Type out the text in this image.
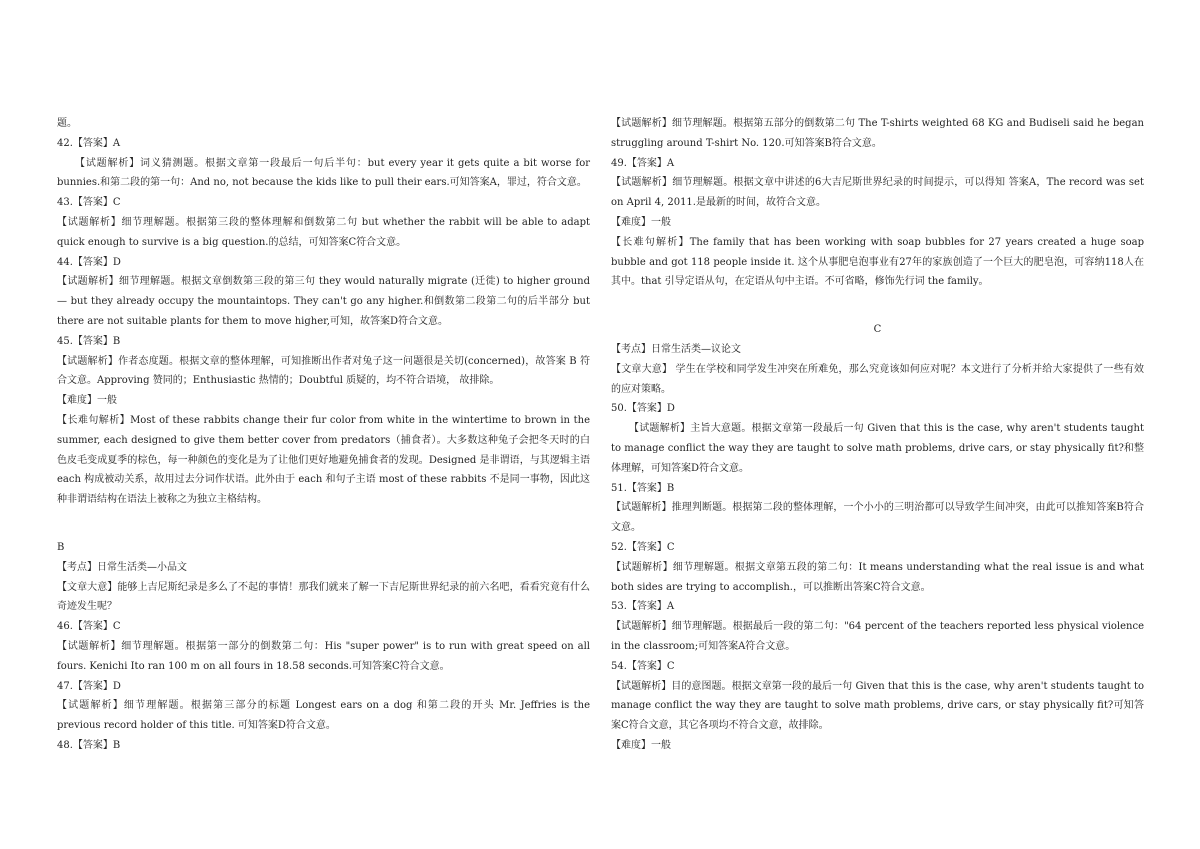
题。

42.【答案】A

【试题解析】词义猜测题。根据文章第一段最后一句后半句：but every year it gets quite a bit worse for bunnies.和第二段的第一句：And no, not because the kids like to pull their ears.可知答案A，罪过，符合文意。

43.【答案】C

【试题解析】细节理解题。根据第三段的整体理解和倒数第二句 but whether the rabbit will be able to adapt quick enough to survive is a big question.的总结，可知答案C符合文意。

44.【答案】D

【试题解析】细节理解题。根据文章倒数第三段的第三句 they would naturally migrate (迁徙) to higher ground — but they already occupy the mountaintops. They can't go any higher.和倒数第二段第二句的后半部分 but there are not suitable plants for them to move higher,可知，故答案D符合文意。

45.【答案】B

【试题解析】作者态度题。根据文章的整体理解，可知推断出作者对兔子这一问题很是关切(concerned)，故答案 B 符合文意。Approving 赞同的；Enthusiastic 热情的；Doubtful 质疑的，均不符合语境， 故排除。

【难度】一般

【长难句解析】Most of these rabbits change their fur color from white in the wintertime to brown in the summer, each designed to give them better cover from predators（捕食者）。大多数这种兔子会把冬天时的白色皮毛变成夏季的棕色，每一种颜色的变化是为了让他们更好地避免捕食者的发现。Designed 是非谓语，与其逻辑主语 each 构成被动关系，故用过去分词作状语。此外由于 each 和句子主语 most of these rabbits 不是同一事物，因此这种非谓语结构在语法上被称之为独立主格结构。

B

【考点】日常生活类—小品文

【文章大意】能够上吉尼斯纪录是多么了不起的事情！那我们就来了解一下吉尼斯世界纪录的前六名吧，看看究竟有什么奇迹发生呢？

46.【答案】C

【试题解析】细节理解题。根据第一部分的倒数第二句：His "super power" is to run with great speed on all fours. Kenichi Ito ran 100 m on all fours in 18.58 seconds.可知答案C符合文意。

47.【答案】D

【试题解析】细节理解题。根据第三部分的标题 Longest ears on a dog 和第二段的开头 Mr. Jeffries is the previous record holder of this title. 可知答案D符合文意。

48.【答案】B

【试题解析】细节理解题。根据第五部分的倒数第二句 The T-shirts weighted 68 KG and Budiseli said he began struggling around T-shirt No. 120.可知答案B符合文意。

49.【答案】A

【试题解析】细节理解题。根据文章中讲述的6大吉尼斯世界纪录的时间提示，可以得知 答案A，The record was set on April 4, 2011.是最新的时间，故符合文意。

【难度】一般

【长难句解析】The family that has been working with soap bubbles for 27 years created a huge soap bubble and got 118 people inside it. 这个从事肥皂泡事业有27年的家族创造了一个巨大的肥皂泡，可容纳118人在其中。that 引导定语从句，在定语从句中主语。不可省略，修饰先行词 the family。

C

【考点】日常生活类—议论文

【文章大意】 学生在学校和同学发生冲突在所难免，那么究竟该如何应对呢？本文进行了分析并给大家提供了一些有效的应对策略。

50.【答案】D

【试题解析】主旨大意题。根据文章第一段最后一句 Given that this is the case, why aren't students taught to manage conflict the way they are taught to solve math problems, drive cars, or stay physically fit?和整体理解，可知答案D符合文意。

51.【答案】B

【试题解析】推理判断题。根据第二段的整体理解，一个小小的三明治都可以导致学生间冲突，由此可以推知答案B符合文意。

52.【答案】C

【试题解析】细节理解题。根据文章第五段的第二句：It means understanding what the real issue is and what both sides are trying to accomplish.，可以推断出答案C符合文意。

53.【答案】A

【试题解析】细节理解题。根据最后一段的第二句："64 percent of the teachers reported less physical violence in the classroom;可知答案A符合文意。

54.【答案】C

【试题解析】目的意图题。根据文章第一段的最后一句 Given that this is the case, why aren't students taught to manage conflict the way they are taught to solve math problems, drive cars, or stay physically fit?可知答案C符合文意，其它各项均不符合文意，故排除。

【难度】一般
